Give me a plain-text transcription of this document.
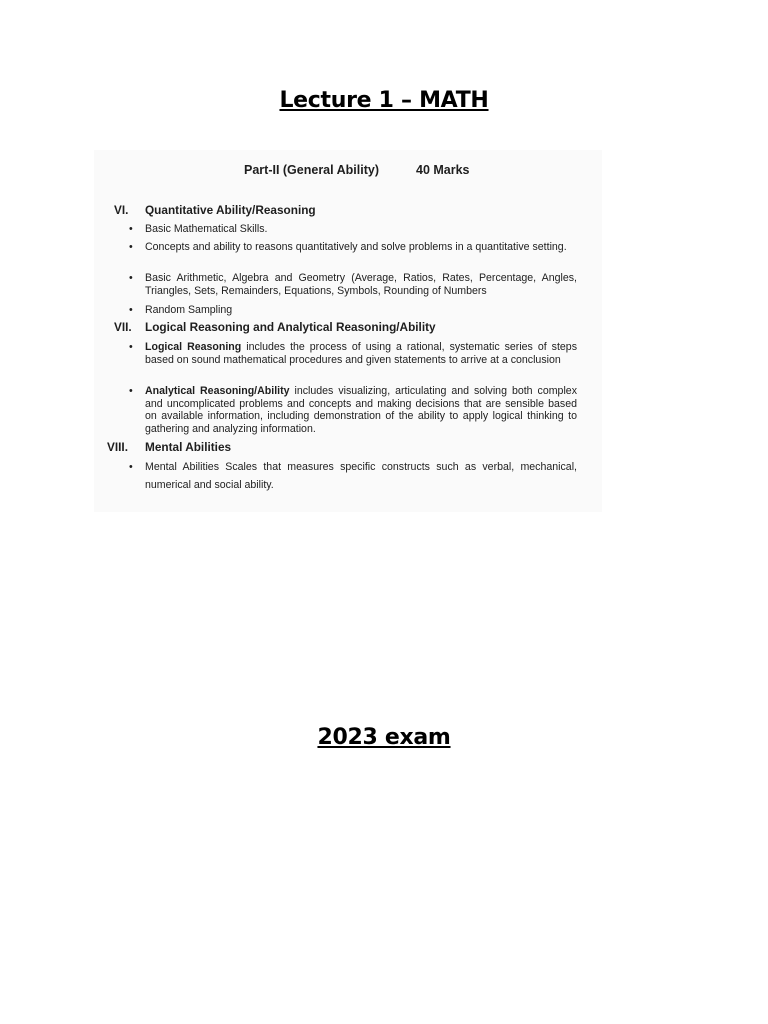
Lecture 1 – MATH
Part-II (General Ability)	40 Marks
VI. Quantitative Ability/Reasoning
• Basic Mathematical Skills.
• Concepts and ability to reasons quantitatively and solve problems in a quantitative setting.
• Basic Arithmetic, Algebra and Geometry (Average, Ratios, Rates, Percentage, Angles, Triangles, Sets, Remainders, Equations, Symbols, Rounding of Numbers
• Random Sampling
VII. Logical Reasoning and Analytical Reasoning/Ability
• Logical Reasoning includes the process of using a rational, systematic series of steps based on sound mathematical procedures and given statements to arrive at a conclusion
• Analytical Reasoning/Ability includes visualizing, articulating and solving both complex and uncomplicated problems and concepts and making decisions that are sensible based on available information, including demonstration of the ability to apply logical thinking to gathering and analyzing information.
VIII. Mental Abilities
• Mental Abilities Scales that measures specific constructs such as verbal, mechanical, numerical and social ability.
2023 exam
